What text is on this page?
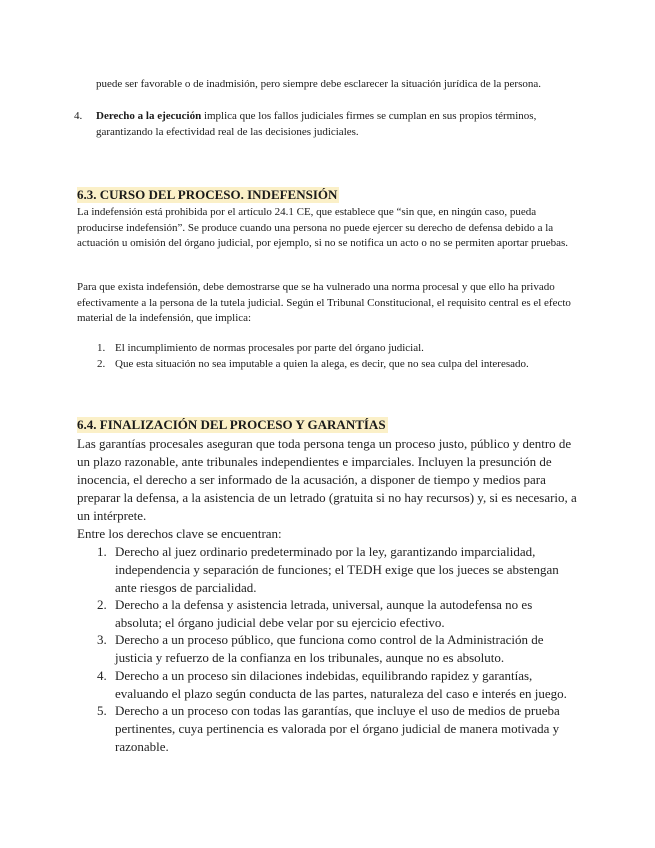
puede ser favorable o de inadmisión, pero siempre debe esclarecer la situación jurídica de la persona.
4. Derecho a la ejecución implica que los fallos judiciales firmes se cumplan en sus propios términos, garantizando la efectividad real de las decisiones judiciales.
6.3. CURSO DEL PROCESO. INDEFENSIÓN
La indefensión está prohibida por el artículo 24.1 CE, que establece que “sin que, en ningún caso, pueda producirse indefensión”. Se produce cuando una persona no puede ejercer su derecho de defensa debido a la actuación u omisión del órgano judicial, por ejemplo, si no se notifica un acto o no se permiten aportar pruebas.
Para que exista indefensión, debe demostrarse que se ha vulnerado una norma procesal y que ello ha privado efectivamente a la persona de la tutela judicial. Según el Tribunal Constitucional, el requisito central es el efecto material de la indefensión, que implica:
1. El incumplimiento de normas procesales por parte del órgano judicial.
2. Que esta situación no sea imputable a quien la alega, es decir, que no sea culpa del interesado.
6.4. FINALIZACIÓN DEL PROCESO Y GARANTÍAS
Las garantías procesales aseguran que toda persona tenga un proceso justo, público y dentro de un plazo razonable, ante tribunales independientes e imparciales. Incluyen la presunción de inocencia, el derecho a ser informado de la acusación, a disponer de tiempo y medios para preparar la defensa, a la asistencia de un letrado (gratuita si no hay recursos) y, si es necesario, a un intérprete.
Entre los derechos clave se encuentran:
1. Derecho al juez ordinario predeterminado por la ley, garantizando imparcialidad, independencia y separación de funciones; el TEDH exige que los jueces se abstengan ante riesgos de parcialidad.
2. Derecho a la defensa y asistencia letrada, universal, aunque la autodefensa no es absoluta; el órgano judicial debe velar por su ejercicio efectivo.
3. Derecho a un proceso público, que funciona como control de la Administración de justicia y refuerzo de la confianza en los tribunales, aunque no es absoluto.
4. Derecho a un proceso sin dilaciones indebidas, equilibrando rapidez y garantías, evaluando el plazo según conducta de las partes, naturaleza del caso e interés en juego.
5. Derecho a un proceso con todas las garantías, que incluye el uso de medios de prueba pertinentes, cuya pertinencia es valorada por el órgano judicial de manera motivada y razonable.
